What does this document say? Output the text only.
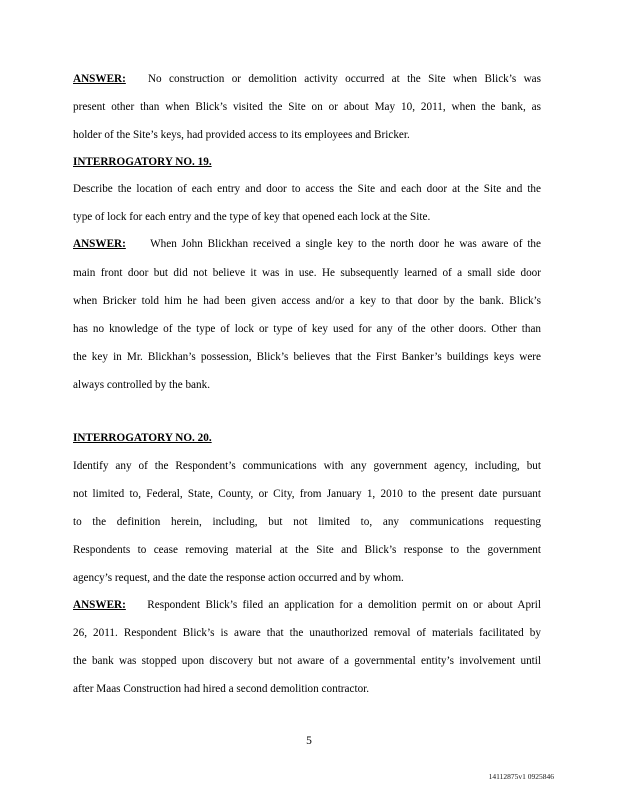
ANSWER: No construction or demolition activity occurred at the Site when Blick’s was
present other than when Blick’s visited the Site on or about May 10, 2011, when the bank, as
holder of the Site’s keys, had provided access to its employees and Bricker.
INTERROGATORY NO. 19.
Describe the location of each entry and door to access the Site and each door at the Site and the
type of lock for each entry and the type of key that opened each lock at the Site.
ANSWER: When John Blickhan received a single key to the north door he was aware of the
main front door but did not believe it was in use. He subsequently learned of a small side door
when Bricker told him he had been given access and/or a key to that door by the bank. Blick’s
has no knowledge of the type of lock or type of key used for any of the other doors. Other than
the key in Mr. Blickhan’s possession, Blick’s believes that the First Banker’s buildings keys were
always controlled by the bank.
INTERROGATORY NO. 20.
Identify any of the Respondent’s communications with any government agency, including, but
not limited to, Federal, State, County, or City, from January 1, 2010 to the present date pursuant
to the definition herein, including, but not limited to, any communications requesting
Respondents to cease removing material at the Site and Blick’s response to the government
agency’s request, and the date the response action occurred and by whom.
ANSWER: Respondent Blick’s filed an application for a demolition permit on or about April
26, 2011. Respondent Blick’s is aware that the unauthorized removal of materials facilitated by
the bank was stopped upon discovery but not aware of a governmental entity’s involvement until
after Maas Construction had hired a second demolition contractor.
5
14112875v1 0925846
